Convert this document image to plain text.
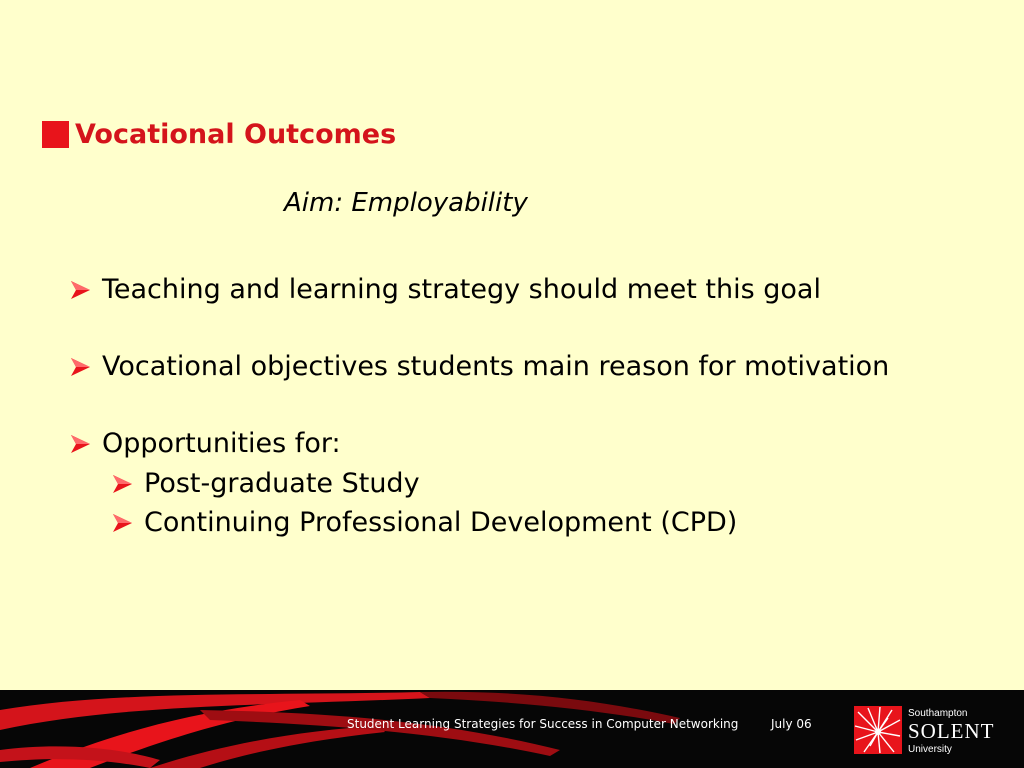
Vocational Outcomes
Aim: Employability
Teaching and learning strategy should meet this goal
Vocational objectives students main reason for motivation
Opportunities for:
Post-graduate Study
Continuing Professional Development (CPD)
Student Learning Strategies for Success in Computer Networking	July 06
Southampton
SOLENT
University
